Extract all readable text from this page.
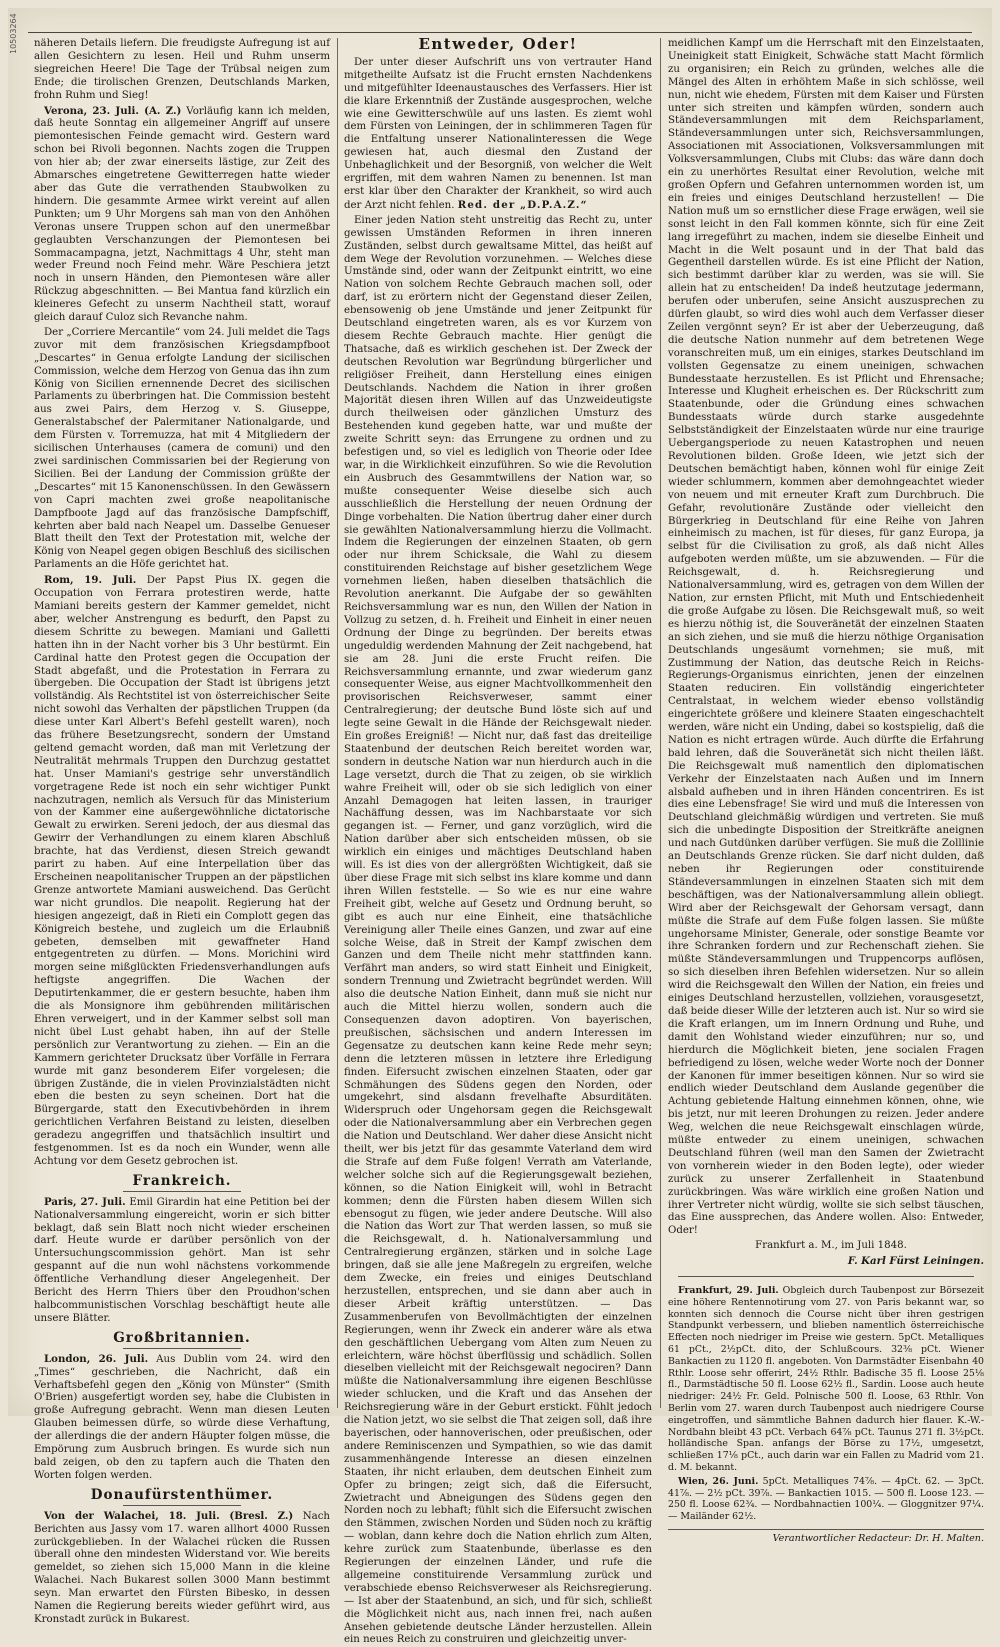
10503264 näheren Details liefern. Die freudigste Aufregung ist auf allen Gesichtern zu lesen. Heil und Ruhm unserm siegreichen Heere! Die Tage der Trübsal neigen zum Ende; die tirolischen Grenzen, Deutschlands Marken, frohn Ruhm und Sieg!

Verona, 23. Juli. (A. Z.) Vorläufig kann ich melden, daß heute Sonntag ein allgemeiner Angriff auf unsere piemontesischen Feinde gemacht wird. Gestern ward schon bei Rivoli begonnen. Nachts zogen die Truppen von hier ab; der zwar einerseits lästige, zur Zeit des Abmarsches eingetretene Gewitterregen hatte wieder aber das Gute die verrathenden Staubwolken zu hindern. Die gesammte Armee wirkt vereint auf allen Punkten; um 9 Uhr Morgens sah man von den Anhöhen Veronas unsere Truppen schon auf den unermeßbar geglaubten Verschanzungen der Piemontesen bei Sommacampagna, jetzt, Nachmittags 4 Uhr, steht man weder Freund noch Feind mehr. Wäre Peschiera jetzt noch in unsern Händen, den Piemontesen wäre aller Rückzug abgeschnitten. — Bei Mantua fand kürzlich ein kleineres Gefecht zu unserm Nachtheil statt, worauf gleich darauf Culoz sich Revanche nahm.

Der „Corriere Mercantile“ vom 24. Juli meldet die Tags zuvor mit dem französischen Kriegsdampfboot „Descartes“ in Genua erfolgte Landung der sicilischen Commission, welche dem Herzog von Genua das ihn zum König von Sicilien ernennende Decret des sicilischen Parlaments zu überbringen hat. Die Commission besteht aus zwei Pairs, dem Herzog v. S. Giuseppe, Generalstabschef der Palermitaner Nationalgarde, und dem Fürsten v. Torremuzza, hat mit 4 Mitgliedern der sicilischen Unterhauses (camera de comuni) und den zwei sardinischen Commissarien bei der Regierung von Sicilien. Bei der Landung der Commission grüßte der „Descartes“ mit 15 Kanonenschüssen. In den Gewässern von Capri machten zwei große neapolitanische Dampfboote Jagd auf das französische Dampfschiff, kehrten aber bald nach Neapel um. Dasselbe Genueser Blatt theilt den Text der Protestation mit, welche der König von Neapel gegen obigen Beschluß des sicilischen Parlaments an die Höfe gerichtet hat.

Rom, 19. Juli. Der Papst Pius IX. gegen die Occupation von Ferrara protestiren werde, hatte Mamiani bereits gestern der Kammer gemeldet, nicht aber, welcher Anstrengung es bedurft, den Papst zu diesem Schritte zu bewegen. Mamiani und Galletti hatten ihn in der Nacht vorher bis 3 Uhr bestürmt. Ein Cardinal hatte den Protest gegen die Occupation der Stadt abgefaßt, und die Protestation in Ferrara zu übergeben. Die Occupation der Stadt ist übrigens jetzt vollständig. Als Rechtstitel ist von österreichischer Seite nicht sowohl das Verhalten der päpstlichen Truppen (da diese unter Karl Albert's Befehl gestellt waren), noch das frühere Besetzungsrecht, sondern der Umstand geltend gemacht worden, daß man mit Verletzung der Neutralität mehrmals Truppen den Durchzug gestattet hat. Unser Mamiani's gestrige sehr unverständlich vorgetragene Rede ist noch ein sehr wichtiger Punkt nachzutragen, nemlich als Versuch für das Ministerium von der Kammer eine außergewöhnliche dictatorische Gewalt zu erwirken. Sereni jedoch, der aus diesmal das Gewirr der Verhandlungen zu einem klaren Abschluß brachte, hat das Verdienst, diesen Streich gewandt parirt zu haben. Auf eine Interpellation über das Erscheinen neapolitanischer Truppen an der päpstlichen Grenze antwortete Mamiani ausweichend. Das Gerücht war nicht grundlos. Die neapolit. Regierung hat der hiesigen angezeigt, daß in Rieti ein Complott gegen das Königreich bestehe, und zugleich um die Erlaubniß gebeten, demselben mit gewaffneter Hand entgegentreten zu dürfen. — Mons. Morichini wird morgen seine mißglückten Friedensverhandlungen aufs heftigste angegriffen. Die Wachen der Deputirtenkammer, die er gestern besuchte, haben ihm die als Monsignore ihm gebührenden militärischen Ehren verweigert, und in der Kammer selbst soll man nicht übel Lust gehabt haben, ihn auf der Stelle persönlich zur Verantwortung zu ziehen. — Ein an die Kammern gerichteter Drucksatz über Vorfälle in Ferrara wurde mit ganz besonderem Eifer vorgelesen; die übrigen Zustände, die in vielen Provinzialstädten nicht eben die besten zu seyn scheinen. Dort hat die Bürgergarde, statt den Executivbehörden in ihrem gerichtlichen Verfahren Beistand zu leisten, dieselben geradezu angegriffen und thatsächlich insultirt und festgenommen. Ist es da noch ein Wunder, wenn alle Achtung vor dem Gesetz gebrochen ist.

Frankreich.

Paris, 27. Juli. Emil Girardin hat eine Petition bei der Nationalversammlung eingereicht, worin er sich bitter beklagt, daß sein Blatt noch nicht wieder erscheinen darf. Heute wurde er darüber persönlich von der Untersuchungscommission gehört. Man ist sehr gespannt auf die nun wohl nächstens vorkommende öffentliche Verhandlung dieser Angelegenheit. Der Bericht des Herrn Thiers über den Proudhon'schen halbcommunistischen Vorschlag beschäftigt heute alle unsere Blätter.

Großbritannien.

London, 26. Juli. Aus Dublin vom 24. wird den „Times“ geschrieben, die Nachricht, daß ein Verhaftsbefehl gegen den „König von Münster“ (Smith O'Brien) ausgefertigt worden sey, habe die Clubisten in große Aufregung gebracht. Wenn man diesen Leuten Glauben beimessen dürfe, so würde diese Verhaftung, der allerdings die der andern Häupter folgen müsse, die Empörung zum Ausbruch bringen. Es wurde sich nun bald zeigen, ob den zu tapfern auch die Thaten den Worten folgen werden.

Donaufürstenthümer.

Von der Walachei, 18. Juli. (Bresl. Z.) Nach Berichten aus Jassy vom 17. waren allhort 4000 Russen zurückgeblieben. In der Walachei rücken die Russen überall ohne den mindesten Widerstand vor. Wie bereits gemeldet, so ziehen sich 15,000 Mann in die kleine Walachei. Nach Bukarest sollen 3000 Mann bestimmt seyn. Man erwartet den Fürsten Bibesko, in dessen Namen die Regierung bereits wieder geführt wird, aus Kronstadt zurück in Bukarest.

Entweder, Oder!

Der unter dieser Aufschrift uns von vertrauter Hand mitgetheilte Aufsatz ist die Frucht ernsten Nachdenkens und mitgefühlter Ideenaustausches des Verfassers. Hier ist die klare Erkenntniß der Zustände ausgesprochen, welche wie eine Gewitterschwüle auf uns lasten. Es ziemt wohl dem Fürsten von Leiningen, der in schlimmeren Tagen für die Entfaltung unserer Nationalinteressen die Wege gewiesen hat, auch diesmal den Zustand der Unbehaglichkeit und der Besorgniß, von welcher die Welt ergriffen, mit dem wahren Namen zu benennen. Ist man erst klar über den Charakter der Krankheit, so wird auch der Arzt nicht fehlen. Red. der „D.P.A.Z.“

Einer jeden Nation steht unstreitig das Recht zu, unter gewissen Umständen Reformen in ihren inneren Zuständen, selbst durch gewaltsame Mittel, das heißt auf dem Wege der Revolution vorzunehmen. — Welches diese Umstände sind, oder wann der Zeitpunkt eintritt, wo eine Nation von solchem Rechte Gebrauch machen soll, oder darf, ist zu erörtern nicht der Gegenstand dieser Zeilen, ebensowenig ob jene Umstände und jener Zeitpunkt für Deutschland eingetreten waren, als es vor Kurzem von diesem Rechte Gebrauch machte. Hier genügt die Thatsache, daß es wirklich geschehen ist. Der Zweck der deutschen Revolution war Begründung bürgerlicher und religiöser Freiheit, dann Herstellung eines einigen Deutschlands. Nachdem die Nation in ihrer großen Majorität diesen ihren Willen auf das Unzweideutigste durch theilweisen oder gänzlichen Umsturz des Bestehenden kund gegeben hatte, war und mußte der zweite Schritt seyn: das Errungene zu ordnen und zu befestigen und, so viel es lediglich von Theorie oder Idee war, in die Wirklichkeit einzuführen. So wie die Revolution ein Ausbruch des Gesammtwillens der Nation war, so mußte consequenter Weise dieselbe sich auch ausschließlich die Herstellung der neuen Ordnung der Dinge vorbehalten. Die Nation übertrug daher einer durch sie gewählten Nationalversammlung hierzu die Vollmacht. Indem die Regierungen der einzelnen Staaten, ob gern oder nur ihrem Schicksale, die Wahl zu diesem constituirenden Reichstage auf bisher gesetzlichem Wege vornehmen ließen, haben dieselben thatsächlich die Revolution anerkannt. Die Aufgabe der so gewählten Reichsversammlung war es nun, den Willen der Nation in Vollzug zu setzen, d. h. Freiheit und Einheit in einer neuen Ordnung der Dinge zu begründen. Der bereits etwas ungeduldig werdenden Mahnung der Zeit nachgebend, hat sie am 28. Juni die erste Frucht reifen. Die Reichsversammlung ernannte, und zwar wiederum ganz consequenter Weise, aus eigner Machtvollkommenheit den provisorischen Reichsverweser, sammt einer Centralregierung; der deutsche Bund löste sich auf und legte seine Gewalt in die Hände der Reichsgewalt nieder. Ein großes Ereigniß! — Nicht nur, daß fast das dreiteilige Staatenbund der deutschen Reich bereitet worden war, sondern in deutsche Nation war nun hierdurch auch in die Lage versetzt, durch die That zu zeigen, ob sie wirklich wahre Freiheit will, oder ob sie sich lediglich von einer Anzahl Demagogen hat leiten lassen, in trauriger Nachäffung dessen, was im Nachbarstaate vor sich gegangen ist. — Ferner, und ganz vorzüglich, wird die Nation darüber aber sich entscheiden müssen, ob sie wirklich ein einiges und mächtiges Deutschland haben will. Es ist dies von der allergrößten Wichtigkeit, daß sie über diese Frage mit sich selbst ins klare komme und dann ihren Willen feststelle. — So wie es nur eine wahre Freiheit gibt, welche auf Gesetz und Ordnung beruht, so gibt es auch nur eine Einheit, eine thatsächliche Vereinigung aller Theile eines Ganzen, und zwar auf eine solche Weise, daß in Streit der Kampf zwischen dem Ganzen und dem Theile nicht mehr stattfinden kann. Verfährt man anders, so wird statt Einheit und Einigkeit, sondern Trennung und Zwietracht begründet werden. Will also die deutsche Nation Einheit, dann muß sie nicht nur auch die Mittel hierzu wollen, sondern auch die Consequenzen davon adoptiren. Von bayerischen, preußischen, sächsischen und andern Interessen im Gegensatze zu deutschen kann keine Rede mehr seyn; denn die letzteren müssen in letztere ihre Erledigung finden. Eifersucht zwischen einzelnen Staaten, oder gar Schmähungen des Südens gegen den Norden, oder umgekehrt, sind alsdann frevelhafte Absurditäten. Widerspruch oder Ungehorsam gegen die Reichsgewalt oder die Nationalversammlung aber ein Verbrechen gegen die Nation und Deutschland. Wer daher diese Ansicht nicht theilt, wer bis jetzt für das gesammte Vaterland dem wird die Strafe auf dem Fuße folgen! Verrath am Vaterlande, welcher solche sich auf die Regierungsgewalt beziehen, können, so die Nation Einigkeit will, wohl in Betracht kommen; denn die Fürsten haben diesem Willen sich ebensogut zu fügen, wie jeder andere Deutsche. Will also die Nation das Wort zur That werden lassen, so muß sie die Reichsgewalt, d. h. Nationalversammlung und Centralregierung ergänzen, stärken und in solche Lage bringen, daß sie alle jene Maßregeln zu ergreifen, welche dem Zwecke, ein freies und einiges Deutschland herzustellen, entsprechen, und sie dann aber auch in dieser Arbeit kräftig unterstützen. — Das Zusammenberufen von Bevollmächtigten der einzelnen Regierungen, wenn ihr Zweck ein anderer wäre als etwa den geschäftlichen Uebergang vom Alten zum Neuen zu erleichtern, wäre höchst überflüssig und schädlich. Sollen dieselben vielleicht mit der Reichsgewalt negociren? Dann müßte die Nationalversammlung ihre eigenen Beschlüsse wieder schlucken, und die Kraft und das Ansehen der Reichsregierung wäre in der Geburt erstickt. Fühlt jedoch die Nation jetzt, wo sie selbst die That zeigen soll, daß ihre bayerischen, oder hannoverischen, oder preußischen, oder andere Reminiscenzen und Sympathien, so wie das damit zusammenhängende Interesse an diesen einzelnen Staaten, ihr nicht erlauben, dem deutschen Einheit zum Opfer zu bringen; zeigt sich, daß die Eifersucht, Zwietracht und Abneigungen des Südens gegen den Norden noch zu lebhaft; fühlt sich die Eifersucht zwischen den Stämmen, zwischen Norden und Süden noch zu kräftig — woblan, dann kehre doch die Nation ehrlich zum Alten, kehre zurück zum Staatenbunde, überlasse es den Regierungen der einzelnen Länder, und rufe die allgemeine constituirende Versammlung zurück und verabschiede ebenso Reichsverweser als Reichsregierung. — Ist aber der Staatenbund, an sich, und für sich, schließt die Möglichkeit nicht aus, nach innen frei, nach außen Ansehen gebietende deutsche Länder herzustellen. Allein ein neues Reich zu construiren und gleichzeitig unver-

meidlichen Kampf um die Herrschaft mit den Einzelstaaten, Uneinigkeit statt Einigkeit, Schwäche statt Macht förmlich zu organisiren; ein Reich zu gründen, welches alle die Mängel des Alten in erhöhtem Maße in sich schlösse, weil nun, nicht wie ehedem, Fürsten mit dem Kaiser und Fürsten unter sich streiten und kämpfen würden, sondern auch Ständeversammlungen mit dem Reichsparlament, Ständeversammlungen unter sich, Reichsversammlungen, Associationen mit Associationen, Volksversammlungen mit Volksversammlungen, Clubs mit Clubs: das wäre dann doch ein zu unerhörtes Resultat einer Revolution, welche mit großen Opfern und Gefahren unternommen worden ist, um ein freies und einiges Deutschland herzustellen! — Die Nation muß um so ernstlicher diese Frage erwägen, weil sie sonst leicht in den Fall kommen könnte, sich für eine Zeit lang irregeführt zu machen, indem sie dieselbe Einheit und Macht in die Welt posaunt und in der That bald das Gegentheil darstellen würde. Es ist eine Pflicht der Nation, sich bestimmt darüber klar zu werden, was sie will. Sie allein hat zu entscheiden! Da indeß heutzutage jedermann, berufen oder unberufen, seine Ansicht auszusprechen zu dürfen glaubt, so wird dies wohl auch dem Verfasser dieser Zeilen vergönnt seyn? Er ist aber der Ueberzeugung, daß die deutsche Nation nunmehr auf dem betretenen Wege voranschreiten muß, um ein einiges, starkes Deutschland im vollsten Gegensatze zu einem uneinigen, schwachen Bundesstaate herzustellen. Es ist Pflicht und Ehrensache; Interesse und Klugheit erheischen es. Der Rückschritt zum Staatenbunde, oder die Gründung eines schwachen Bundesstaats würde durch starke ausgedehnte Selbstständigkeit der Einzelstaaten würde nur eine traurige Uebergangsperiode zu neuen Katastrophen und neuen Revolutionen bilden. Große Ideen, wie jetzt sich der Deutschen bemächtigt haben, können wohl für einige Zeit wieder schlummern, kommen aber demohngeachtet wieder von neuem und mit erneuter Kraft zum Durchbruch. Die Gefahr, revolutionäre Zustände oder vielleicht den Bürgerkrieg in Deutschland für eine Reihe von Jahren einheimisch zu machen, ist für dieses, für ganz Europa, ja selbst für die Civilisation zu groß, als daß nicht Alles aufgeboten werden müßte, um sie abzuwenden. — Für die Reichsgewalt, d. h. Reichsregierung und Nationalversammlung, wird es, getragen von dem Willen der Nation, zur ernsten Pflicht, mit Muth und Entschiedenheit die große Aufgabe zu lösen. Die Reichsgewalt muß, so weit es hierzu nöthig ist, die Souveränetät der einzelnen Staaten an sich ziehen, und sie muß die hierzu nöthige Organisation Deutschlands ungesäumt vornehmen; sie muß, mit Zustimmung der Nation, das deutsche Reich in Reichs-Regierungs-Organismus einrichten, jenen der einzelnen Staaten reduciren. Ein vollständig eingerichteter Centralstaat, in welchem wieder ebenso vollständig eingerichtete größere und kleinere Staaten eingeschachtelt werden, wäre nicht ein Unding, dabei so kostspielig, daß die Nation es nicht ertragen würde. Auch dürfte die Erfahrung bald lehren, daß die Souveränetät sich nicht theilen läßt. Die Reichsgewalt muß namentlich den diplomatischen Verkehr der Einzelstaaten nach Außen und im Innern alsbald aufheben und in ihren Händen concentriren. Es ist dies eine Lebensfrage! Sie wird und muß die Interessen von Deutschland gleichmäßig würdigen und vertreten. Sie muß sich die unbedingte Disposition der Streitkräfte aneignen und nach Gutdünken darüber verfügen. Sie muß die Zolllinie an Deutschlands Grenze rücken. Sie darf nicht dulden, daß neben ihr Regierungen oder constituirende Ständeversammlungen in einzelnen Staaten sich mit dem beschäftigen, was der Nationalversammlung allein obliegt. Wird aber der Reichsgewalt der Gehorsam versagt, dann müßte die Strafe auf dem Fuße folgen lassen. Sie müßte ungehorsame Minister, Generale, oder sonstige Beamte vor ihre Schranken fordern und zur Rechenschaft ziehen. Sie müßte Ständeversammlungen und Truppencorps auflösen, so sich dieselben ihren Befehlen widersetzen. Nur so allein wird die Reichsgewalt den Willen der Nation, ein freies und einiges Deutschland herzustellen, vollziehen, vorausgesetzt, daß beide dieser Wille der letzteren auch ist. Nur so wird sie die Kraft erlangen, um im Innern Ordnung und Ruhe, und damit den Wohlstand wieder einzuführen; nur so, und hierdurch die Möglichkeit bieten, jene socialen Fragen befriedigend zu lösen, welche weder Worte noch der Donner der Kanonen für immer beseitigen können. Nur so wird sie endlich wieder Deutschland dem Auslande gegenüber die Achtung gebietende Haltung einnehmen können, ohne, wie bis jetzt, nur mit leeren Drohungen zu reizen. Jeder andere Weg, welchen die neue Reichsgewalt einschlagen würde, müßte entweder zu einem uneinigen, schwachen Deutschland führen (weil man den Samen der Zwietracht von vornherein wieder in den Boden legte), oder wieder zurück zu unserer Zerfallenheit in Staatenbund zurückbringen. Was wäre wirklich eine großen Nation und ihrer Vertreter nicht würdig, wollte sie sich selbst täuschen, das Eine aussprechen, das Andere wollen. Also: Entweder, Oder!

Frankfurt a. M., im Juli 1848.

F. Karl Fürst Leiningen.

Frankfurt, 29. Juli. Obgleich durch Taubenpost zur Börsezeit eine höhere Rentennotirung vom 27. von Paris bekannt war, so konnten sich dennoch die Course nicht über ihren gestrigen Standpunkt verbessern, und blieben namentlich österreichische Effecten noch niedriger im Preise wie gestern. 5pCt. Metalliques 61 pCt., 2½pCt. dito, der Schlußcours. 32⅜ pCt. Wiener Bankactien zu 1120 fl. angeboten. Von Darmstädter Eisenbahn 40 Rthlr. Loose sehr offerirt, 24½ Rthlr. Badische 35 fl. Loose 25⅛ fl., Darmstädtische 50 fl. Loose 62½ fl., Sardin. Loose auch heute niedriger: 24½ Fr. Geld. Polnische 500 fl. Loose, 63 Rthlr. Von Berlin vom 27. waren durch Taubenpost auch niedrigere Course eingetroffen, und sämmtliche Bahnen dadurch hier flauer. K.-W.-Nordbahn bleibt 43 pCt. Verbach 64⅞ pCt. Taunus 271 fl. 3½pCt. holländische Span. anfangs der Börse zu 17½, umgesetzt, schließen 17⅛ pCt., auch darin war ein Fallen zu Madrid vom 21. d. M. bekannt.

Wien, 26. Juni. 5pCt. Metalliques 74⅞. — 4pCt. 62. — 3pCt. 41⅞. — 2½ pCt. 39⅞. — Bankactien 1015. — 500 fl. Loose 123. — 250 fl. Loose 62¾. — Nordbahnactien 100¼. — Gloggnitzer 97¼. — Mailänder 62½.

Verantwortlicher Redacteur: Dr. H. Malten.
